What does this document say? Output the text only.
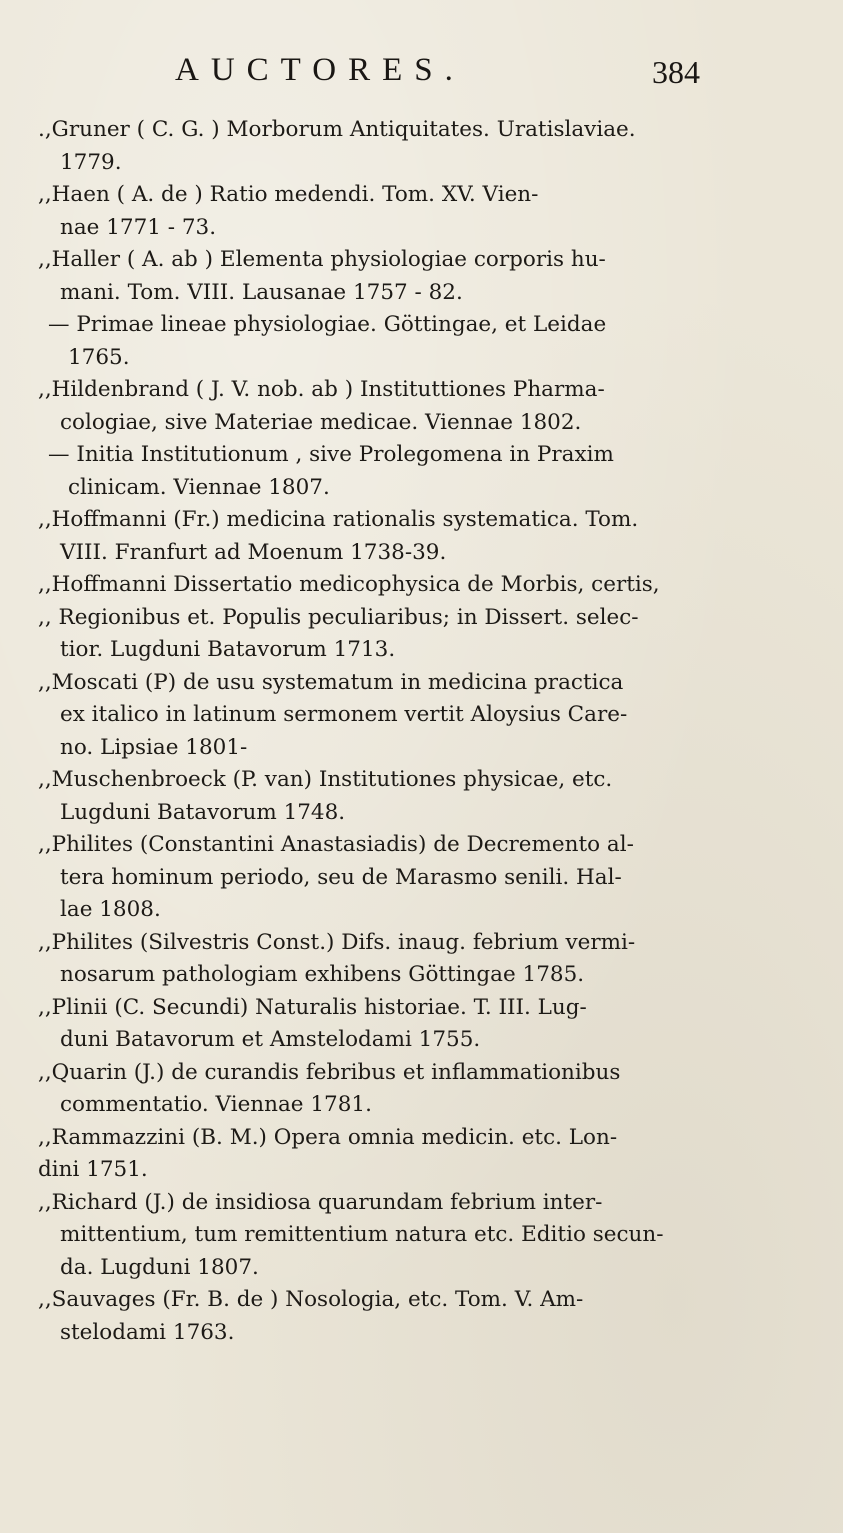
AUCTORES.	384

.,Gruner ( C. G. ) Morborum Antiquitates. Uratislaviae.
1779.

,,Haen ( A. de ) Ratio medendi. Tom. XV. Vien-
nae 1771 - 73.

,,Haller ( A. ab ) Elementa physiologiae corporis hu-
mani. Tom. VIII. Lausanae 1757 - 82.

— Primae lineae physiologiae. Göttingae, et Leidae
1765.

,,Hildenbrand ( J. V. nob. ab ) Instituttiones Pharma-
cologiae, sive Materiae medicae. Viennae 1802.

— Initia Institutionum , sive Prolegomena in Praxim
clinicam. Viennae 1807.

,,Hoffmanni (Fr.) medicina rationalis systematica. Tom.
VIII. Franfurt ad Moenum 1738-39.

,,Hoffmanni Dissertatio medicophysica de Morbis, certis,
,, Regionibus et. Populis peculiaribus; in Dissert. selec-
tior. Lugduni Batavorum 1713.

,,Moscati (P) de usu systematum in medicina practica
ex italico in latinum sermonem vertit Aloysius Care-
no. Lipsiae 1801-

,,Muschenbroeck (P. van) Institutiones physicae, etc.
Lugduni Batavorum 1748.

,,Philites (Constantini Anastasiadis) de Decremento al-
tera hominum periodo, seu de Marasmo senili. Hal-
lae 1808.

,,Philites (Silvestris Const.) Difs. inaug. febrium vermi-
nosarum pathologiam exhibens Göttingae 1785.

,,Plinii (C. Secundi) Naturalis historiae. T. III. Lug-
duni Batavorum et Amstelodami 1755.

,,Quarin (J.) de curandis febribus et inflammationibus
commentatio. Viennae 1781.

,,Rammazzini (B. M.) Opera omnia medicin. etc. Lon-
dini 1751.

,,Richard (J.) de insidiosa quarundam febrium inter-
mittentium, tum remittentium natura etc. Editio secun-
da. Lugduni 1807.

,,Sauvages (Fr. B. de ) Nosologia, etc. Tom. V. Am-
stelodami 1763.
